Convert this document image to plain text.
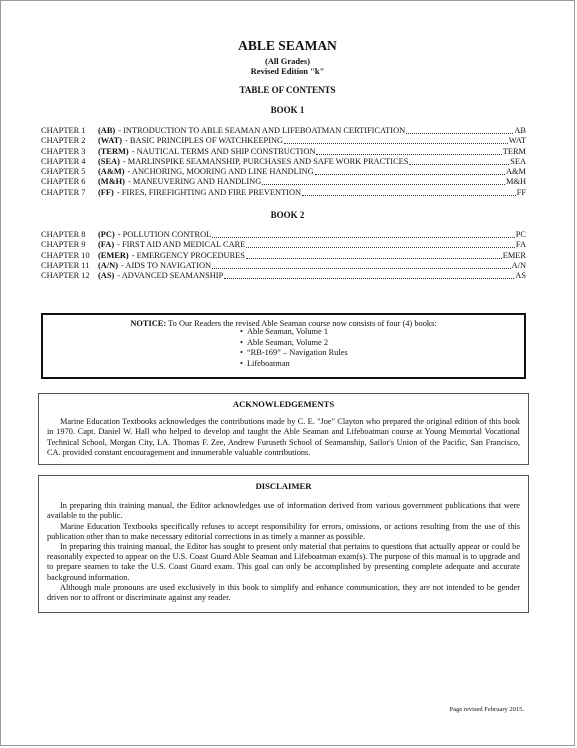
ABLE SEAMAN
(All Grades)
Revised Edition "k"
TABLE OF CONTENTS
BOOK 1
CHAPTER 1	(AB) - INTRODUCTION TO ABLE SEAMAN AND LIFEBOATMAN CERTIFICATION	AB
CHAPTER 2	(WAT) - BASIC PRINCIPLES OF WATCHKEEPING	WAT
CHAPTER 3	(TERM) - NAUTICAL TERMS AND SHIP CONSTRUCTION	TERM
CHAPTER 4	(SEA) - MARLINSPIKE SEAMANSHIP, PURCHASES AND SAFE WORK PRACTICES	SEA
CHAPTER 5	(A&M) - ANCHORING, MOORING AND LINE HANDLING	A&M
CHAPTER 6	(M&H) - MANEUVERING AND HANDLING	M&H
CHAPTER 7	(FF) - FIRES, FIREFIGHTING AND FIRE PREVENTION	FF
BOOK 2
CHAPTER 8	(PC) - POLLUTION CONTROL	PC
CHAPTER 9	(FA) - FIRST AID AND MEDICAL CARE	FA
CHAPTER 10 (EMER) - EMERGENCY PROCEDURES	EMER
CHAPTER 11	(A/N) - AIDS TO NAVIGATION	A/N
CHAPTER 12 (AS) - ADVANCED SEAMANSHIP	AS
NOTICE: To Our Readers the revised Able Seaman course now consists of four (4) books:
• Able Seaman, Volume 1
• Able Seaman, Volume 2
• “RB-169” – Navigation Rules
• Lifeboatman
ACKNOWLEDGEMENTS

Marine Education Textbooks acknowledges the contributions made by C. E. "Joe" Clayton who prepared the original edition of this book in 1970. Capt. Daniel W. Hall who helped to develop and taught the Able Seaman and Lifeboatman course at Young Memorial Vocational Technical School, Morgan City, LA. Thomas F. Zee, Andrew Furuseth School of Seamanship, Sailor's Union of the Pacific, San Francisco, CA. provided constant encouragement and innumerable valuable contributions.

DISCLAIMER

In preparing this training manual, the Editor acknowledges use of information derived from various government publications that were available to the public.

Marine Education Textbooks specifically refuses to accept responsibility for errors, omissions, or actions resulting from the use of this publication other than to make necessary editorial corrections in as timely a manner as possible.

In preparing this training manual, the Editor has sought to present only material that pertains to questions that actually appear or could be reasonably expected to appear on the U.S. Coast Guard Able Seaman and Lifeboatman exam(s). The purpose of this manual is to upgrade and to prepare seamen to take the U.S. Coast Guard exam. This goal can only be accomplished by presenting complete adequate and accurate background information.

Although male pronouns are used exclusively in this book to simplify and enhance communication, they are not intended to be gender driven nor to affront or discriminate against any reader.

Page revised February 2015.
